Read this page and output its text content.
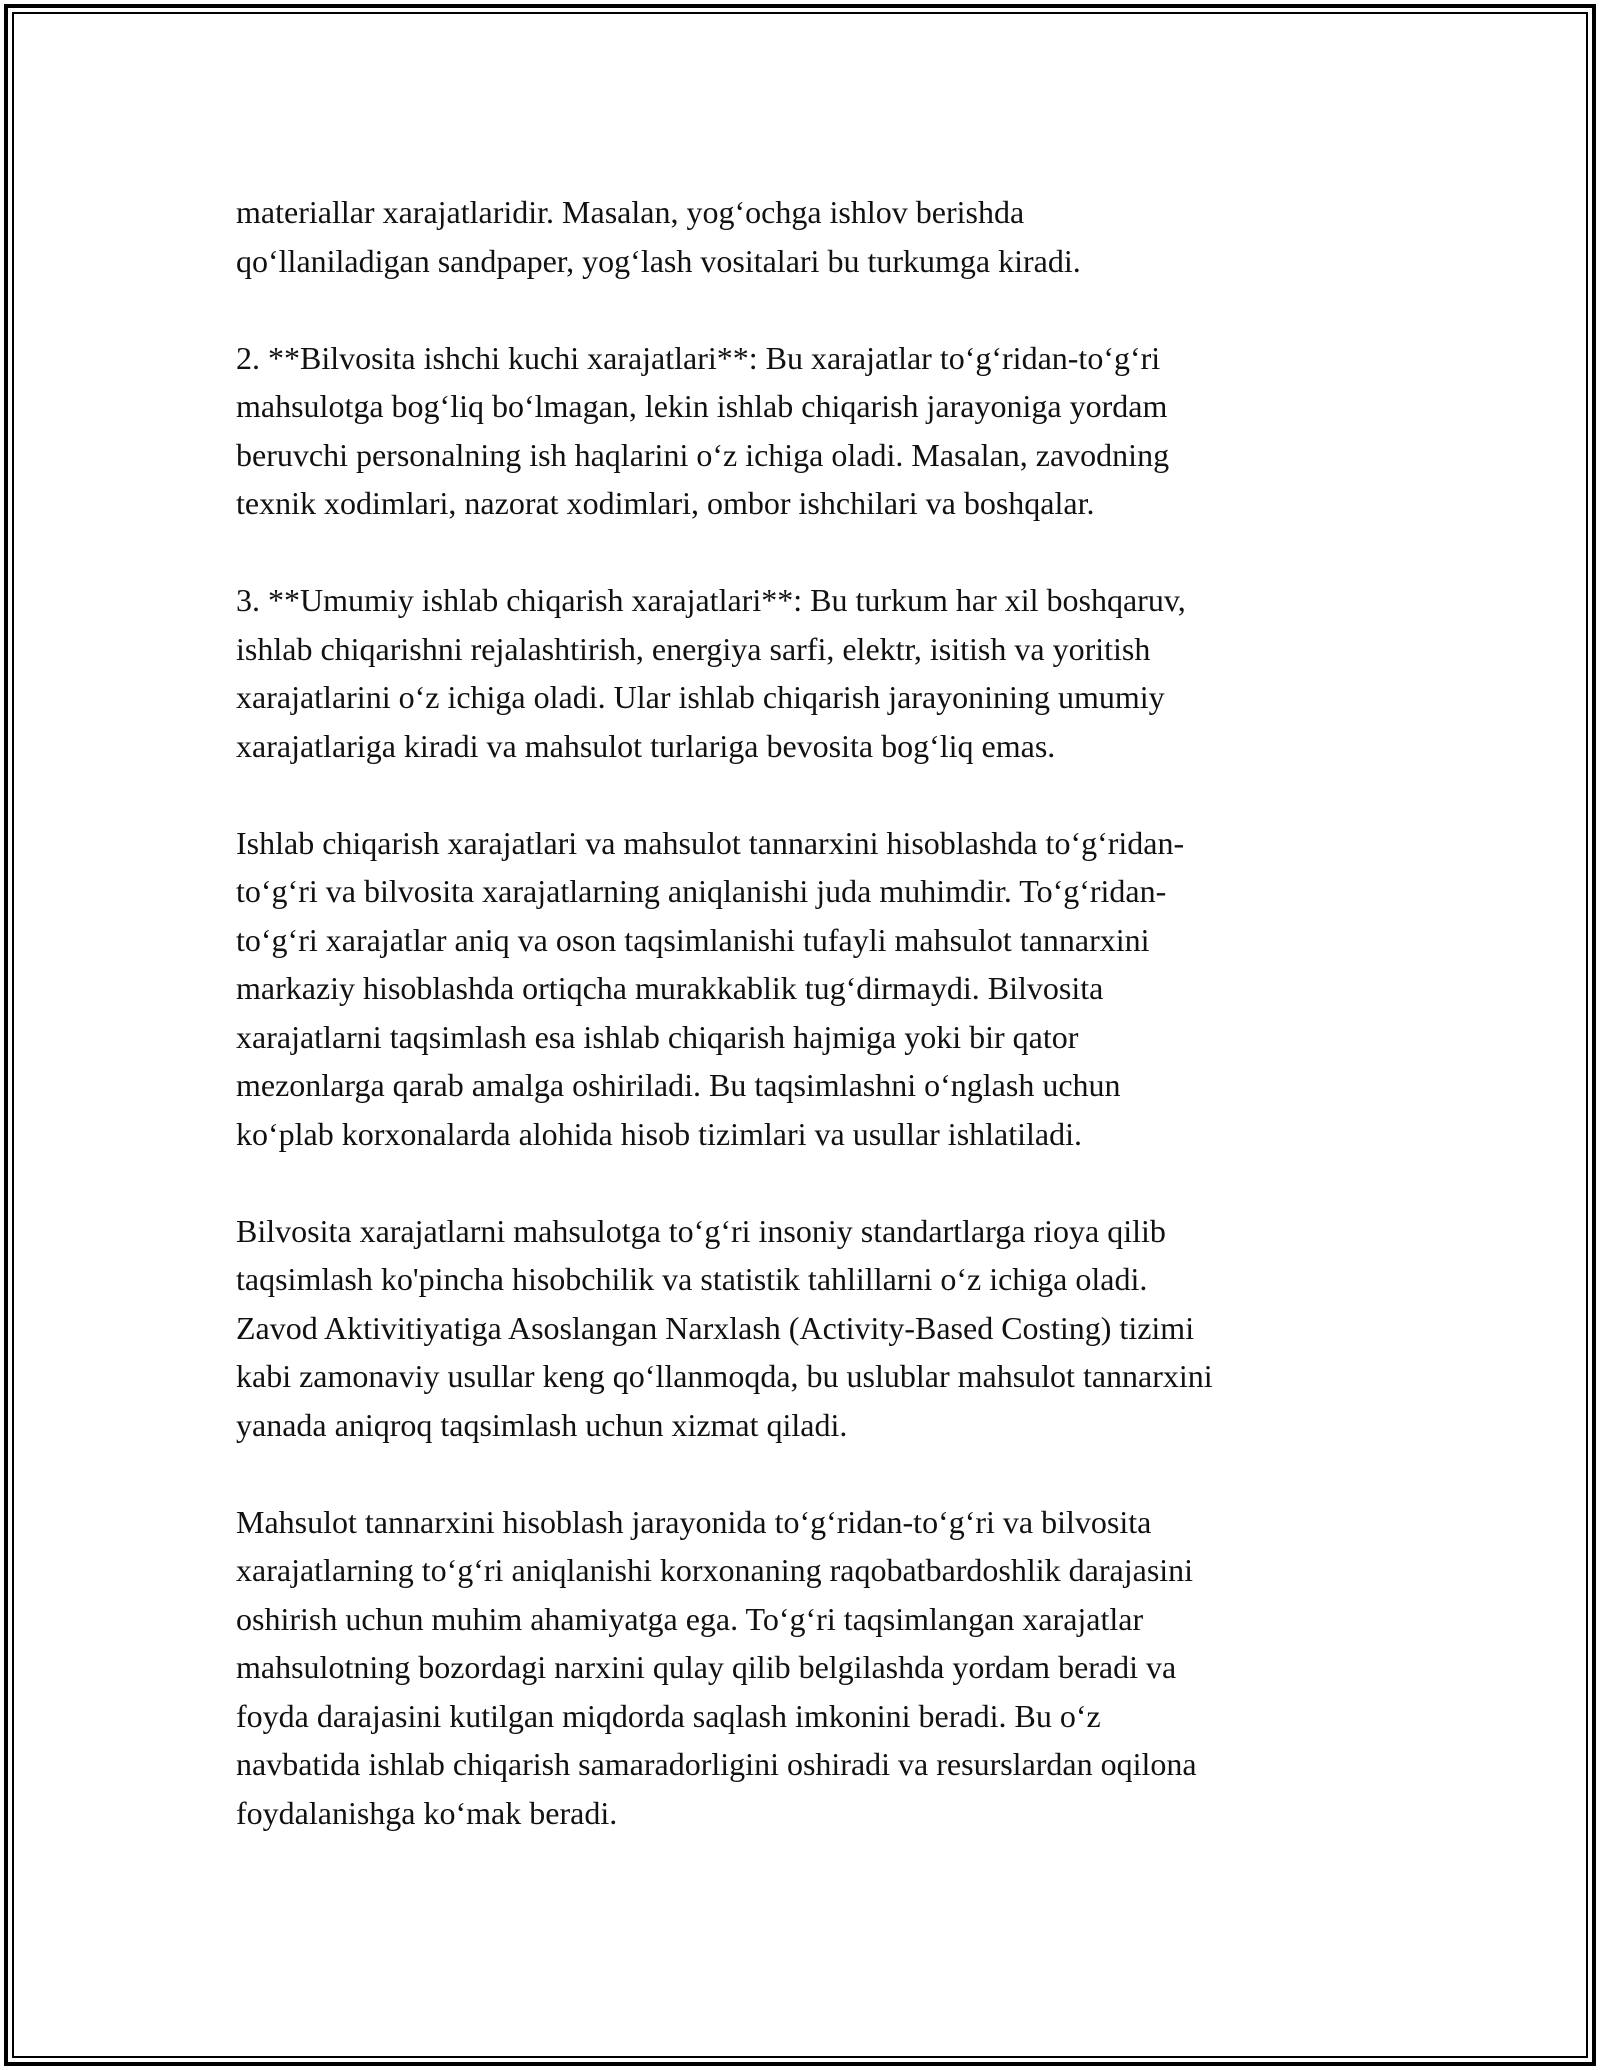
materiallar xarajatlaridir. Masalan, yog‘ochga ishlov berishda
qo‘llaniladigan sandpaper, yog‘lash vositalari bu turkumga kiradi.

2. **Bilvosita ishchi kuchi xarajatlari**: Bu xarajatlar to‘g‘ridan-to‘g‘ri
mahsulotga bog‘liq bo‘lmagan, lekin ishlab chiqarish jarayoniga yordam
beruvchi personalning ish haqlarini o‘z ichiga oladi. Masalan, zavodning
texnik xodimlari, nazorat xodimlari, ombor ishchilari va boshqalar.

3. **Umumiy ishlab chiqarish xarajatlari**: Bu turkum har xil boshqaruv,
ishlab chiqarishni rejalashtirish, energiya sarfi, elektr, isitish va yoritish
xarajatlarini o‘z ichiga oladi. Ular ishlab chiqarish jarayonining umumiy
xarajatlariga kiradi va mahsulot turlariga bevosita bog‘liq emas.

Ishlab chiqarish xarajatlari va mahsulot tannarxini hisoblashda to‘g‘ridan-
to‘g‘ri va bilvosita xarajatlarning aniqlanishi juda muhimdir. To‘g‘ridan-
to‘g‘ri xarajatlar aniq va oson taqsimlanishi tufayli mahsulot tannarxini
markaziy hisoblashda ortiqcha murakkablik tug‘dirmaydi. Bilvosita
xarajatlarni taqsimlash esa ishlab chiqarish hajmiga yoki bir qator
mezonlarga qarab amalga oshiriladi. Bu taqsimlashni o‘nglash uchun
ko‘plab korxonalarda alohida hisob tizimlari va usullar ishlatiladi.

Bilvosita xarajatlarni mahsulotga to‘g‘ri insoniy standartlarga rioya qilib
taqsimlash ko'pincha hisobchilik va statistik tahlillarni o‘z ichiga oladi.
Zavod Aktivitiyatiga Asoslangan Narxlash (Activity-Based Costing) tizimi
kabi zamonaviy usullar keng qo‘llanmoqda, bu uslublar mahsulot tannarxini
yanada aniqroq taqsimlash uchun xizmat qiladi.

Mahsulot tannarxini hisoblash jarayonida to‘g‘ridan-to‘g‘ri va bilvosita
xarajatlarning to‘g‘ri aniqlanishi korxonaning raqobatbardoshlik darajasini
oshirish uchun muhim ahamiyatga ega. To‘g‘ri taqsimlangan xarajatlar
mahsulotning bozordagi narxini qulay qilib belgilashda yordam beradi va
foyda darajasini kutilgan miqdorda saqlash imkonini beradi. Bu o‘z
navbatida ishlab chiqarish samaradorligini oshiradi va resurslardan oqilona
foydalanishga ko‘mak beradi.
